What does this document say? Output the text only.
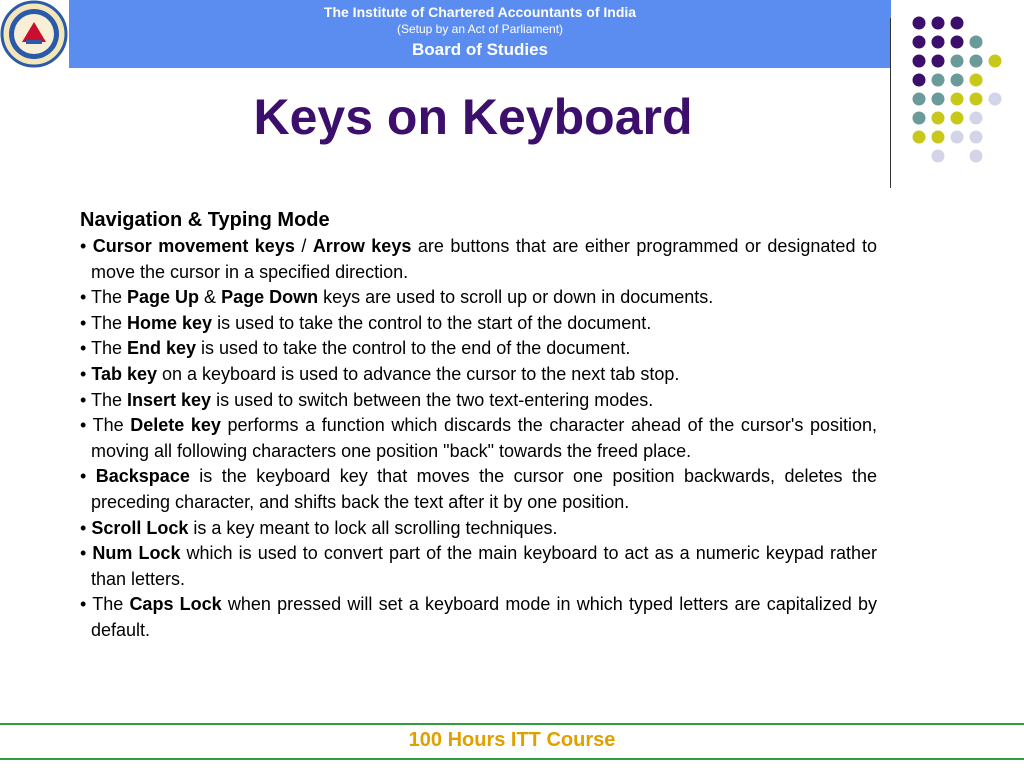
The Institute of Chartered Accountants of India
(Setup by an Act of Parliament)
Board of Studies
Keys on Keyboard
Navigation & Typing Mode
• Cursor movement keys / Arrow keys are buttons that are either programmed or designated to move the cursor in a specified direction.
• The Page Up & Page Down keys are used to scroll up or down in documents.
• The Home key is used to take the control to the start of the document.
• The End key is used to take the control to the end of the document.
• Tab key on a keyboard is used to advance the cursor to the next tab stop.
• The Insert key is used to switch between the two text-entering modes.
• The Delete key performs a function which discards the character ahead of the cursor's position, moving all following characters one position "back" towards the freed place.
• Backspace is the keyboard key that moves the cursor one position backwards, deletes the preceding character, and shifts back the text after it by one position.
• Scroll Lock is a key meant to lock all scrolling techniques.
• Num Lock which is used to convert part of the main keyboard to act as a numeric keypad rather than letters.
• The Caps Lock when pressed will set a keyboard mode in which typed letters are capitalized by default.
100 Hours ITT Course
